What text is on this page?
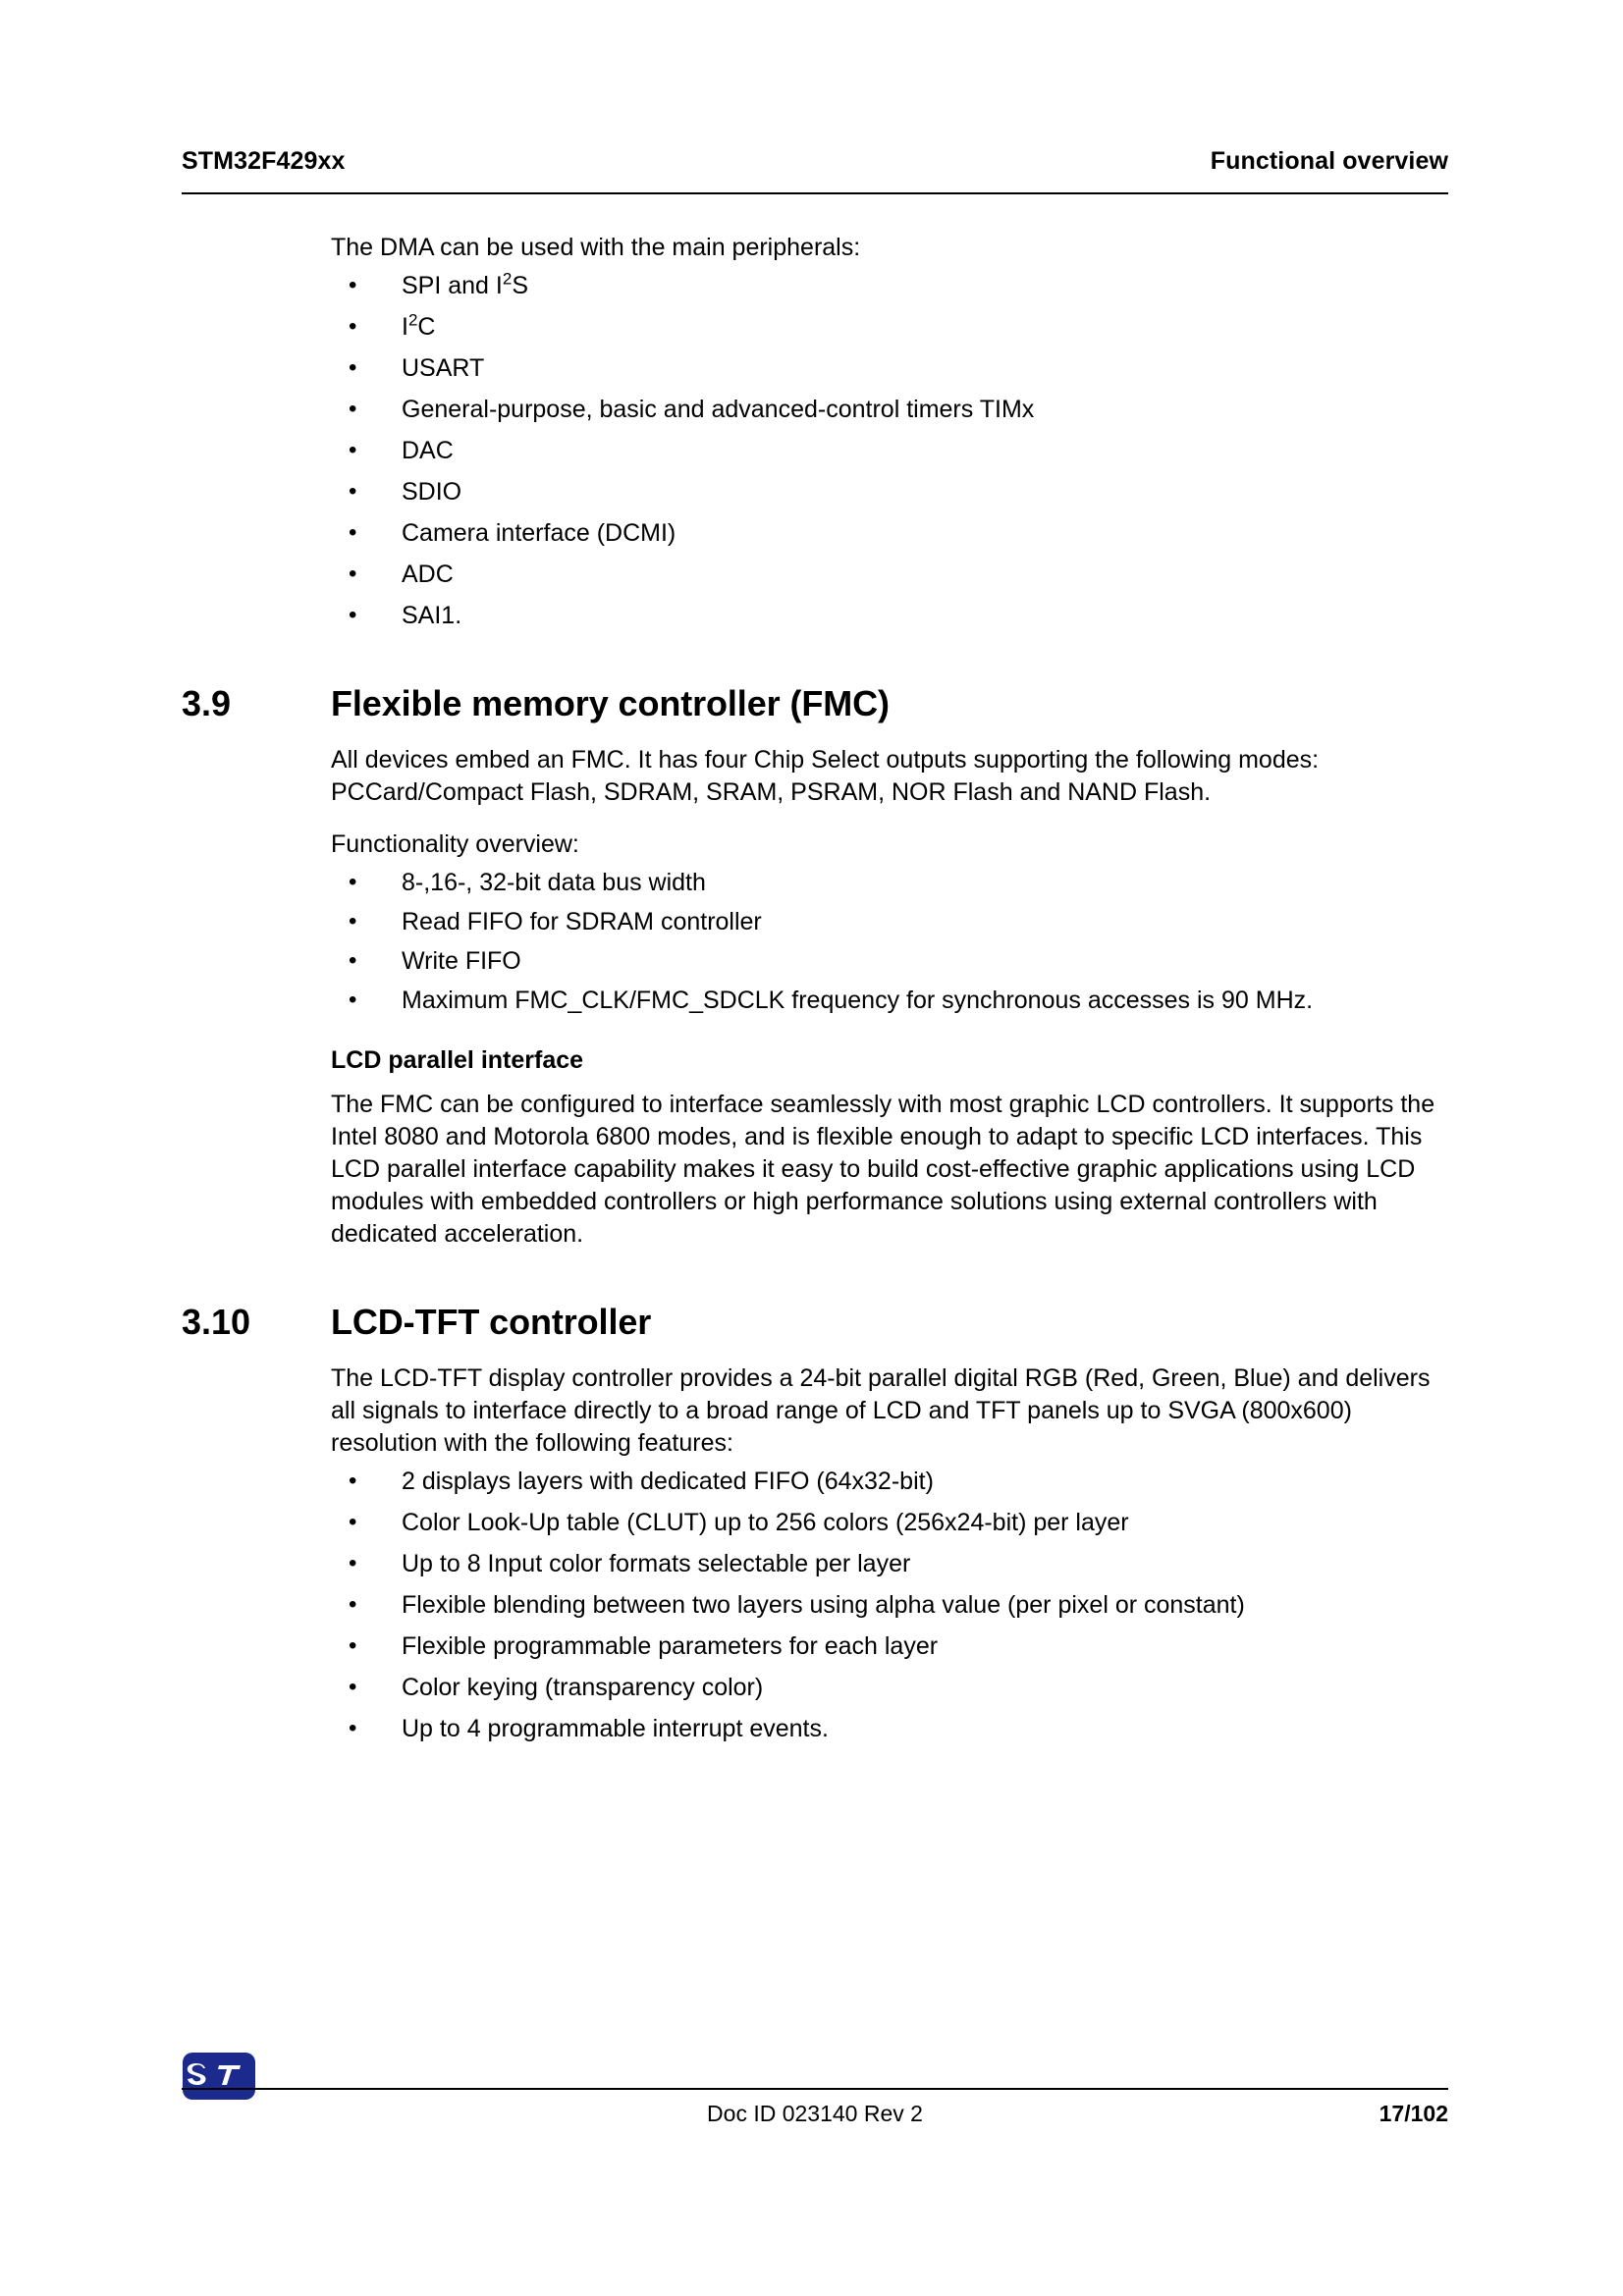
STM32F429xx	Functional overview

The DMA can be used with the main peripherals:

• SPI and $I^2S$
• $I^2C$
• USART
• General-purpose, basic and advanced-control timers TIMx
• DAC
• SDIO
• Camera interface (DCMI)
• ADC
• SAI1.
3.9	Flexible memory controller (FMC)

All devices embed an FMC. It has four Chip Select outputs supporting the following modes: PCCard/Compact Flash, SDRAM, SRAM, PSRAM, NOR Flash and NAND Flash.

Functionality overview:

• 8-,16-, 32-bit data bus width
• Read FIFO for SDRAM controller
• Write FIFO
• Maximum FMC_CLK/FMC_SDCLK frequency for synchronous accesses is 90 MHz.
LCD parallel interface

The FMC can be configured to interface seamlessly with most graphic LCD controllers. It supports the Intel 8080 and Motorola 6800 modes, and is flexible enough to adapt to specific LCD interfaces. This LCD parallel interface capability makes it easy to build cost-effective graphic applications using LCD modules with embedded controllers or high performance solutions using external controllers with dedicated acceleration.

3.10	LCD-TFT controller

The LCD-TFT display controller provides a 24-bit parallel digital RGB (Red, Green, Blue) and delivers all signals to interface directly to a broad range of LCD and TFT panels up to SVGA (800x600) resolution with the following features:

• 2 displays layers with dedicated FIFO (64x32-bit)
• Color Look-Up table (CLUT) up to 256 colors (256x24-bit) per layer
• Up to 8 Input color formats selectable per layer
• Flexible blending between two layers using alpha value (per pixel or constant)
• Flexible programmable parameters for each layer
• Color keying (transparency color)
• Up to 4 programmable interrupt events.
Doc ID 023140 Rev 2	17/102
